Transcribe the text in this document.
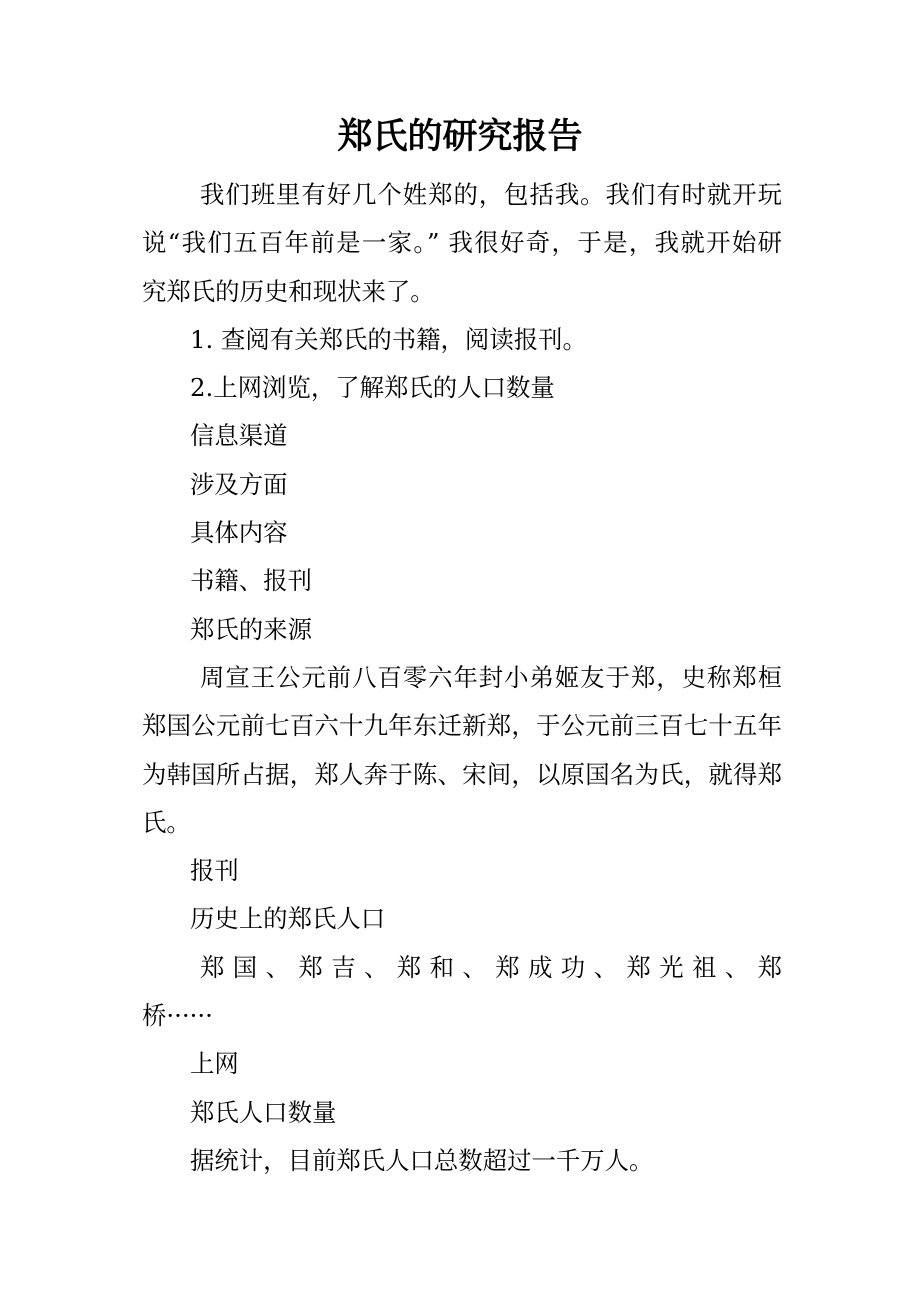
郑氏的研究报告
我们班里有好几个姓郑的，包括我。我们有时就开玩
说“我们五百年前是一家。” 我很好奇，于是，我就开始研
究郑氏的历史和现状来了。
1. 查阅有关郑氏的书籍，阅读报刊。
2.上网浏览，了解郑氏的人口数量
信息渠道
涉及方面
具体内容
书籍、报刊
郑氏的来源
周宣王公元前八百零六年封小弟姬友于郑，史称郑桓
郑国公元前七百六十九年东迁新郑，于公元前三百七十五年
为韩国所占据，郑人奔于陈、宋间，以原国名为氏，就得郑
氏。
报刊
历史上的郑氏人口
郑 国 、 郑 吉 、 郑 和 、 郑 成 功 、 郑 光 祖 、 郑
桥······
上网
郑氏人口数量
据统计，目前郑氏人口总数超过一千万人。
